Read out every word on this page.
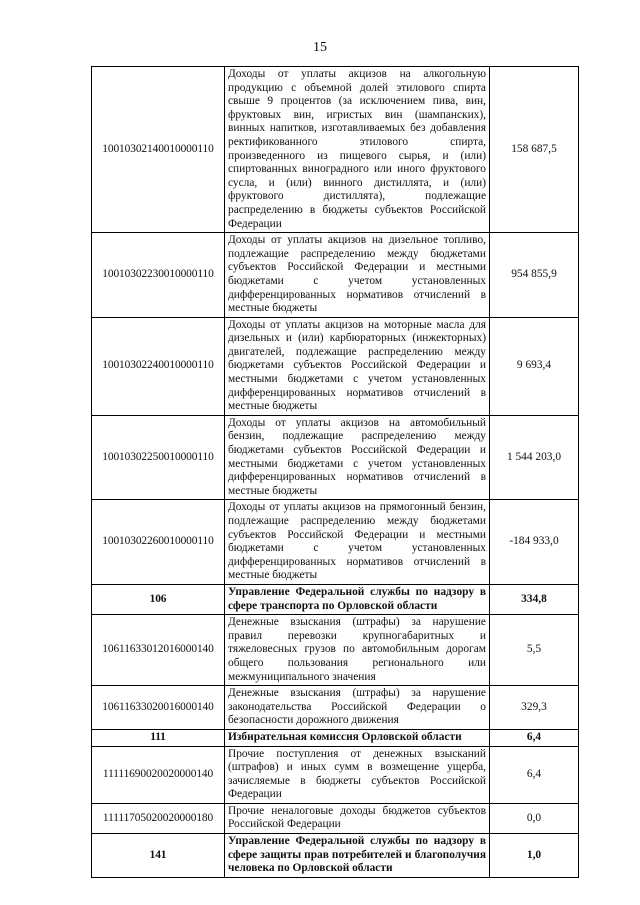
15
10010302140010000110	Доходы от уплаты акцизов на алкогольную продукцию с объемной долей этилового спирта свыше 9 процентов (за исключением пива, вин, фруктовых вин, игристых вин (шампанских), винных напитков, изготавливаемых без добавления ректификованного этилового спирта, произведенного из пищевого сырья, и (или) спиртованных виноградного или иного фруктового сусла, и (или) винного дистиллята, и (или) фруктового дистиллята), подлежащие распределению в бюджеты субъектов Российской Федерации	158 687,5
10010302230010000110	Доходы от уплаты акцизов на дизельное топливо, подлежащие распределению между бюджетами субъектов Российской Федерации и местными бюджетами с учетом установленных дифференцированных нормативов отчислений в местные бюджеты	954 855,9
10010302240010000110	Доходы от уплаты акцизов на моторные масла для дизельных и (или) карбюраторных (инжекторных) двигателей, подлежащие распределению между бюджетами субъектов Российской Федерации и местными бюджетами с учетом установленных дифференцированных нормативов отчислений в местные бюджеты	9 693,4
10010302250010000110	Доходы от уплаты акцизов на автомобильный бензин, подлежащие распределению между бюджетами субъектов Российской Федерации и местными бюджетами с учетом установленных дифференцированных нормативов отчислений в местные бюджеты	1 544 203,0
10010302260010000110	Доходы от уплаты акцизов на прямогонный бензин, подлежащие распределению между бюджетами субъектов Российской Федерации и местными бюджетами с учетом установленных дифференцированных нормативов отчислений в местные бюджеты	-184 933,0
106	Управление Федеральной службы по надзору в сфере транспорта по Орловской области	334,8
10611633012016000140	Денежные взыскания (штрафы) за нарушение правил перевозки крупногабаритных и тяжеловесных грузов по автомобильным дорогам общего пользования регионального или межмуниципального значения	5,5
10611633020016000140	Денежные взыскания (штрафы) за нарушение законодательства Российской Федерации о безопасности дорожного движения	329,3
111	Избирательная комиссия Орловской области	6,4
11111690020020000140	Прочие поступления от денежных взысканий (штрафов) и иных сумм в возмещение ущерба, зачисляемые в бюджеты субъектов Российской Федерации	6,4
11111705020020000180	Прочие неналоговые доходы бюджетов субъектов Российской Федерации	0,0
141	Управление Федеральной службы по надзору в сфере защиты прав потребителей и благополучия человека по Орловской области	1,0
